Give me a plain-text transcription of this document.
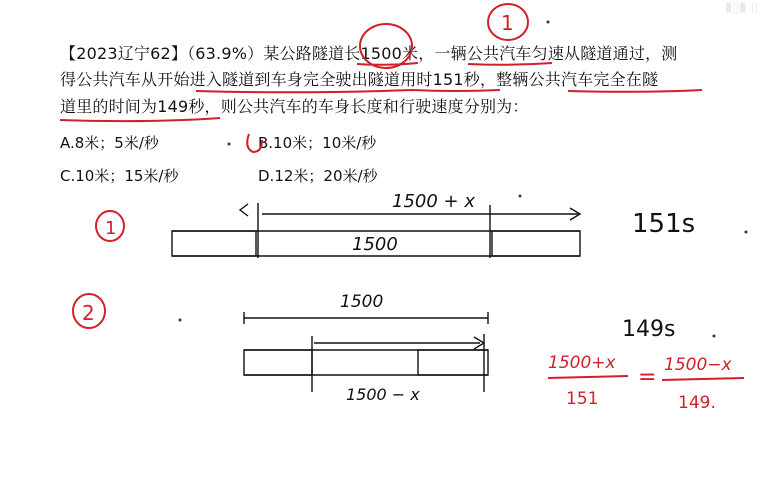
▮▯▮ ▯
【2023辽宁62】（63.9%）某公路隧道长1500米，一辆公共汽车匀速从隧道通过，测
得公共汽车从开始进入隧道到车身完全驶出隧道用时151秒，整辆公共汽车完全在隧
道里的时间为149秒，则公共汽车的车身长度和行驶速度分别为：
A.8米；5米/秒	B.10米；10米/秒
C.10米；15米/秒	D.12米；20米/秒
1
1
2
1500 + x
1500
151s
1500
1500 − x
149s
1500+x
151
= 1500−x
149.
